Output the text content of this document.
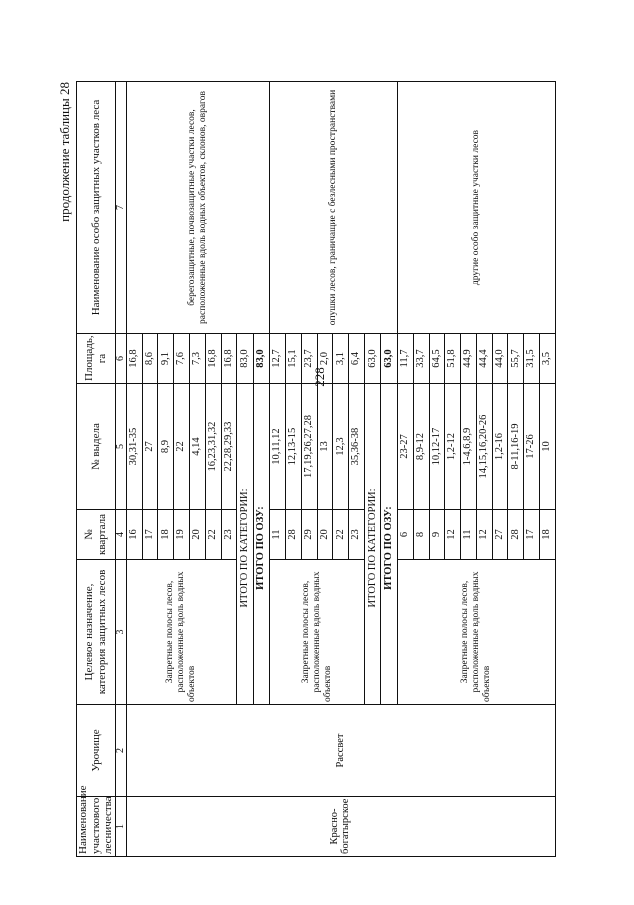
228
продолжение таблицы 28
Наименование участкового лесничества	Урочище	Целевое назначение, категория защитных лесов	№ квартала	№ выдела	Площадь, га	Наименование особо защитных участков леса
1	2	3	4	5	6	7
Красно-богатырское	Рассвет	Запретные полосы лесов, расположенные вдоль водных объектов	16	30,31-35	16,8	берегозащитные, почвозащитные участки лесов, расположенные вдоль водных объектов, склонов, оврагов
			17	27	8,6	
			18	8,9	9,1	
			19	22	7,6	
			20	4,14	7,3	
			22	16,23,31,32	16,8	
			23	22,28,29,33	16,8	
		ИТОГО ПО КАТЕГОРИИ:			83,0	
		ИТОГО ПО ОЗУ:			83,0	
		Запретные полосы лесов, расположенные вдоль водных объектов	11	10,11,12	12,7	опушки лесов, граничащие с безлесными пространствами
			28	12,13-15	15,1	
			29	17,19,26,27,28	23,7	
			20	13	2,0	
			22	12,3	3,1	
			23	35,36-38	6,4	
		ИТОГО ПО КАТЕГОРИИ:			63,0	
		ИТОГО ПО ОЗУ:			63,0	
		Запретные полосы лесов, расположенные вдоль водных объектов	6	23-27	11,7	другие особо защитные участки лесов
			8	8,9-12	33,7	
			9	10,12-17	64,5	
			12	1,2-12	51,8	
			11	1-4,6,8,9	44,9	
			12	14,15,16,20-26	44,4	
			27	1,2-16	44,0	
			28	8-11,16-19	55,7	
			17	17-26	31,5	
			18	10	3,5	
